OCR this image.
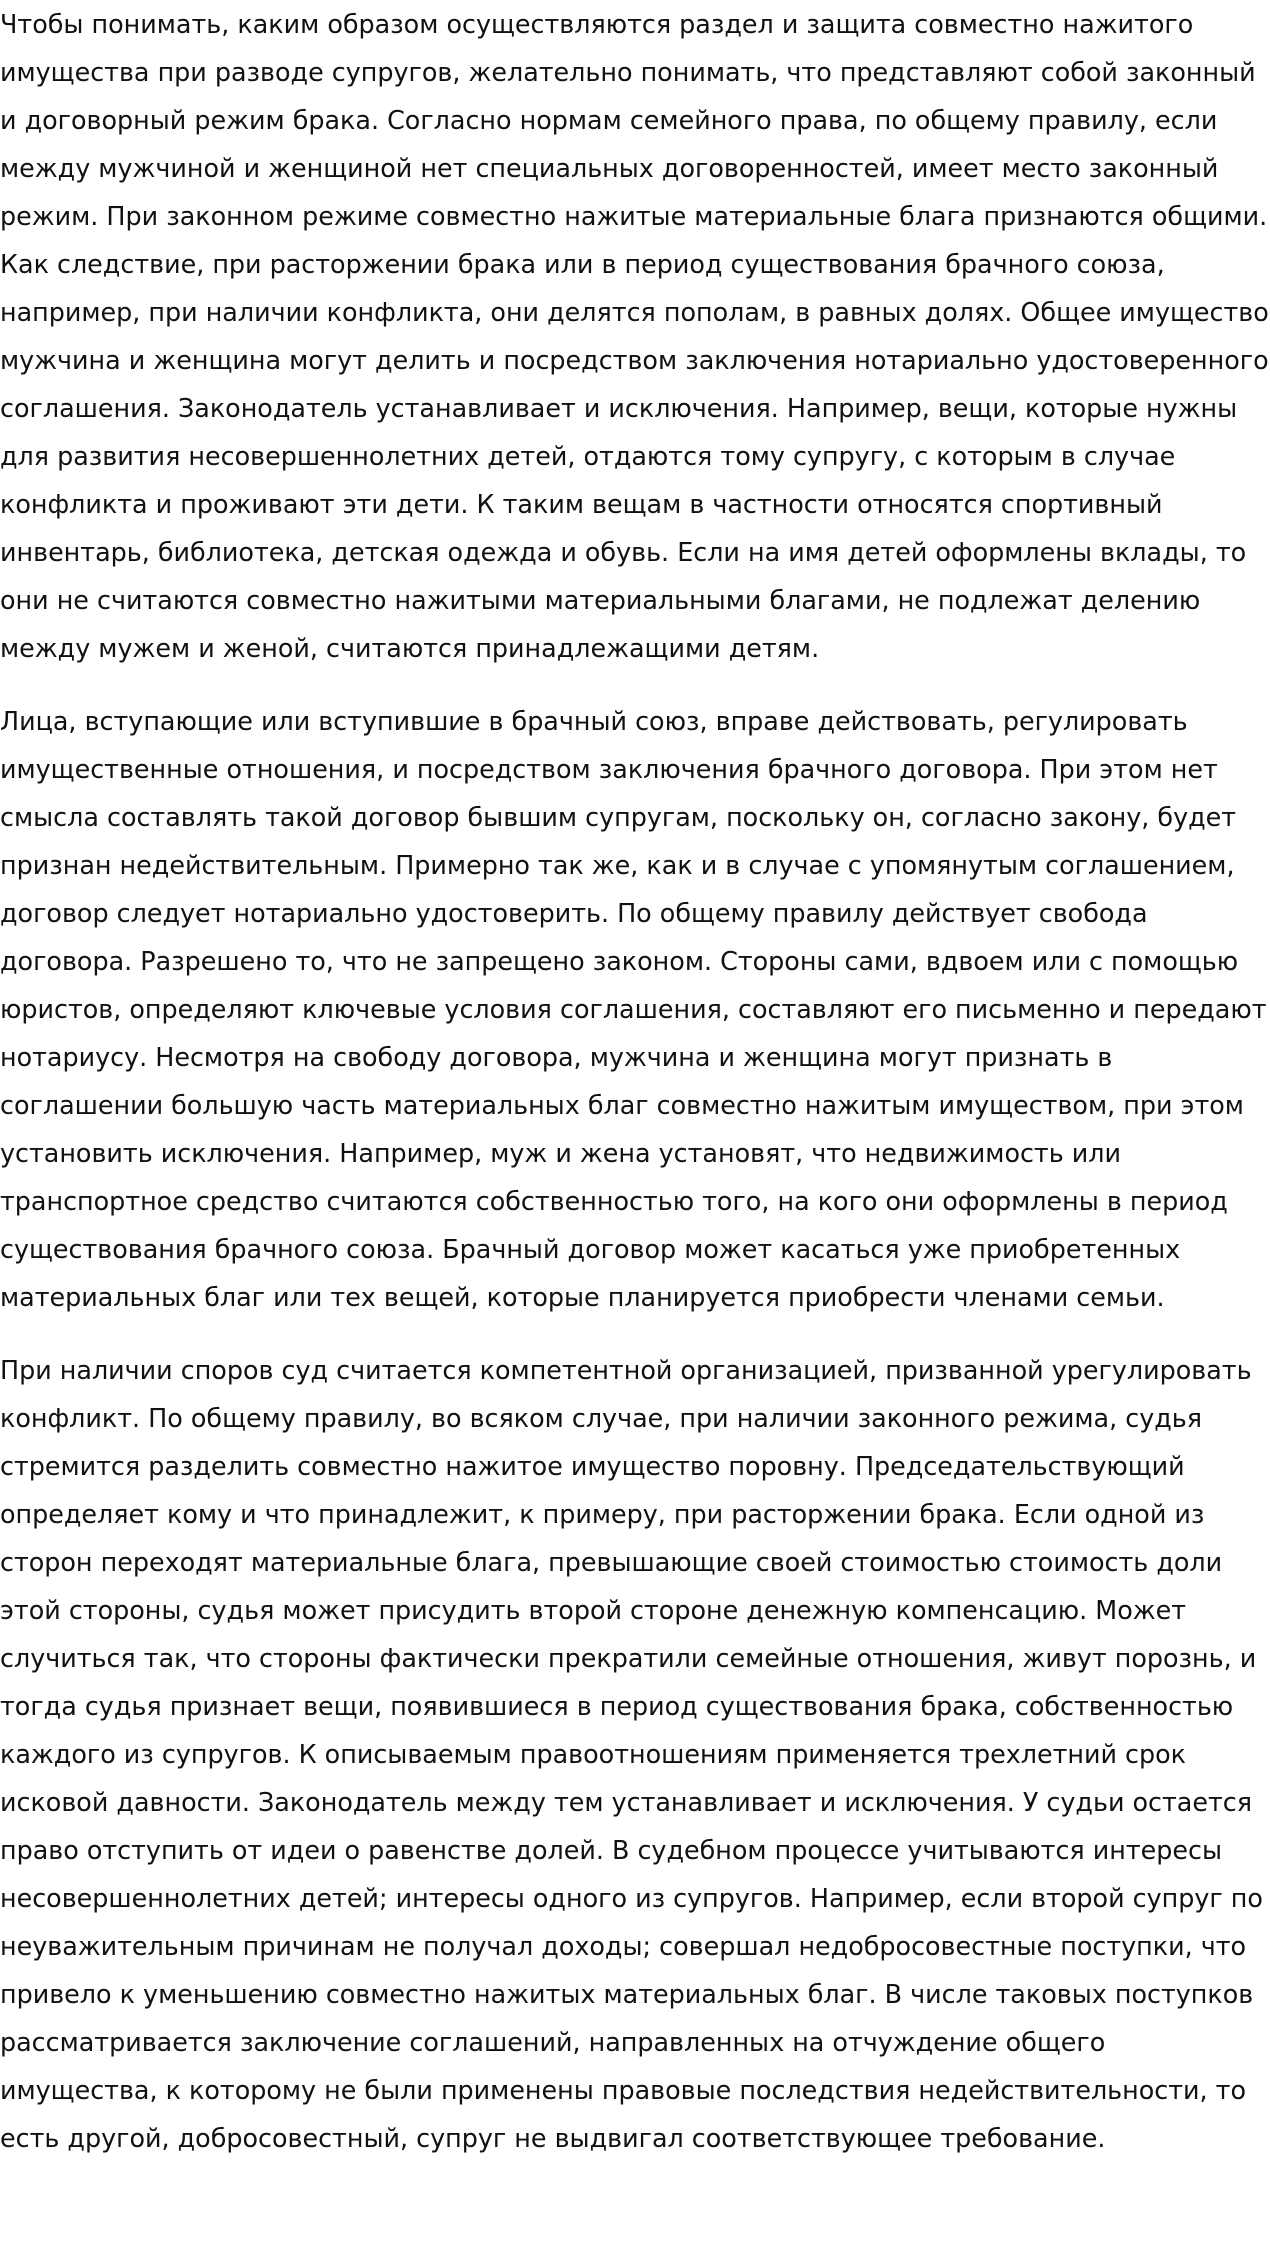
Чтобы понимать, каким образом осуществляются раздел и защита совместно нажитого имущества при разводе супругов, желательно понимать, что представляют собой законный и договорный режим брака. Согласно нормам семейного права, по общему правилу, если между мужчиной и женщиной нет специальных договоренностей, имеет место законный режим. При законном режиме совместно нажитые материальные блага признаются общими. Как следствие, при расторжении брака или в период существования брачного союза, например, при наличии конфликта, они делятся пополам, в равных долях. Общее имущество мужчина и женщина могут делить и посредством заключения нотариально удостоверенного соглашения. Законодатель устанавливает и исключения. Например, вещи, которые нужны для развития несовершеннолетних детей, отдаются тому супругу, с которым в случае конфликта и проживают эти дети. К таким вещам в частности относятся спортивный инвентарь, библиотека, детская одежда и обувь. Если на имя детей оформлены вклады, то они не считаются совместно нажитыми материальными благами, не подлежат делению между мужем и женой, считаются принадлежащими детям.

Лица, вступающие или вступившие в брачный союз, вправе действовать, регулировать имущественные отношения, и посредством заключения брачного договора. При этом нет смысла составлять такой договор бывшим супругам, поскольку он, согласно закону, будет признан недействительным. Примерно так же, как и в случае с упомянутым соглашением, договор следует нотариально удостоверить. По общему правилу действует свобода договора. Разрешено то, что не запрещено законом. Стороны сами, вдвоем или с помощью юристов, определяют ключевые условия соглашения, составляют его письменно и передают нотариусу. Несмотря на свободу договора, мужчина и женщина могут признать в соглашении большую часть материальных благ совместно нажитым имуществом, при этом установить исключения. Например, муж и жена установят, что недвижимость или транспортное средство считаются собственностью того, на кого они оформлены в период существования брачного союза. Брачный договор может касаться уже приобретенных материальных благ или тех вещей, которые планируется приобрести членами семьи.

При наличии споров суд считается компетентной организацией, призванной урегулировать конфликт. По общему правилу, во всяком случае, при наличии законного режима, судья стремится разделить совместно нажитое имущество поровну. Председательствующий определяет кому и что принадлежит, к примеру, при расторжении брака. Если одной из сторон переходят материальные блага, превышающие своей стоимостью стоимость доли этой стороны, судья может присудить второй стороне денежную компенсацию. Может случиться так, что стороны фактически прекратили семейные отношения, живут порознь, и тогда судья признает вещи, появившиеся в период существования брака, собственностью каждого из супругов. К описываемым правоотношениям применяется трехлетний срок исковой давности. Законодатель между тем устанавливает и исключения. У судьи остается право отступить от идеи о равенстве долей. В судебном процессе учитываются интересы несовершеннолетних детей; интересы одного из супругов. Например, если второй супруг по неуважительным причинам не получал доходы; совершал недобросовестные поступки, что привело к уменьшению совместно нажитых материальных благ. В числе таковых поступков рассматривается заключение соглашений, направленных на отчуждение общего имущества, к которому не были применены правовые последствия недействительности, то есть другой, добросовестный, супруг не выдвигал соответствующее требование.
